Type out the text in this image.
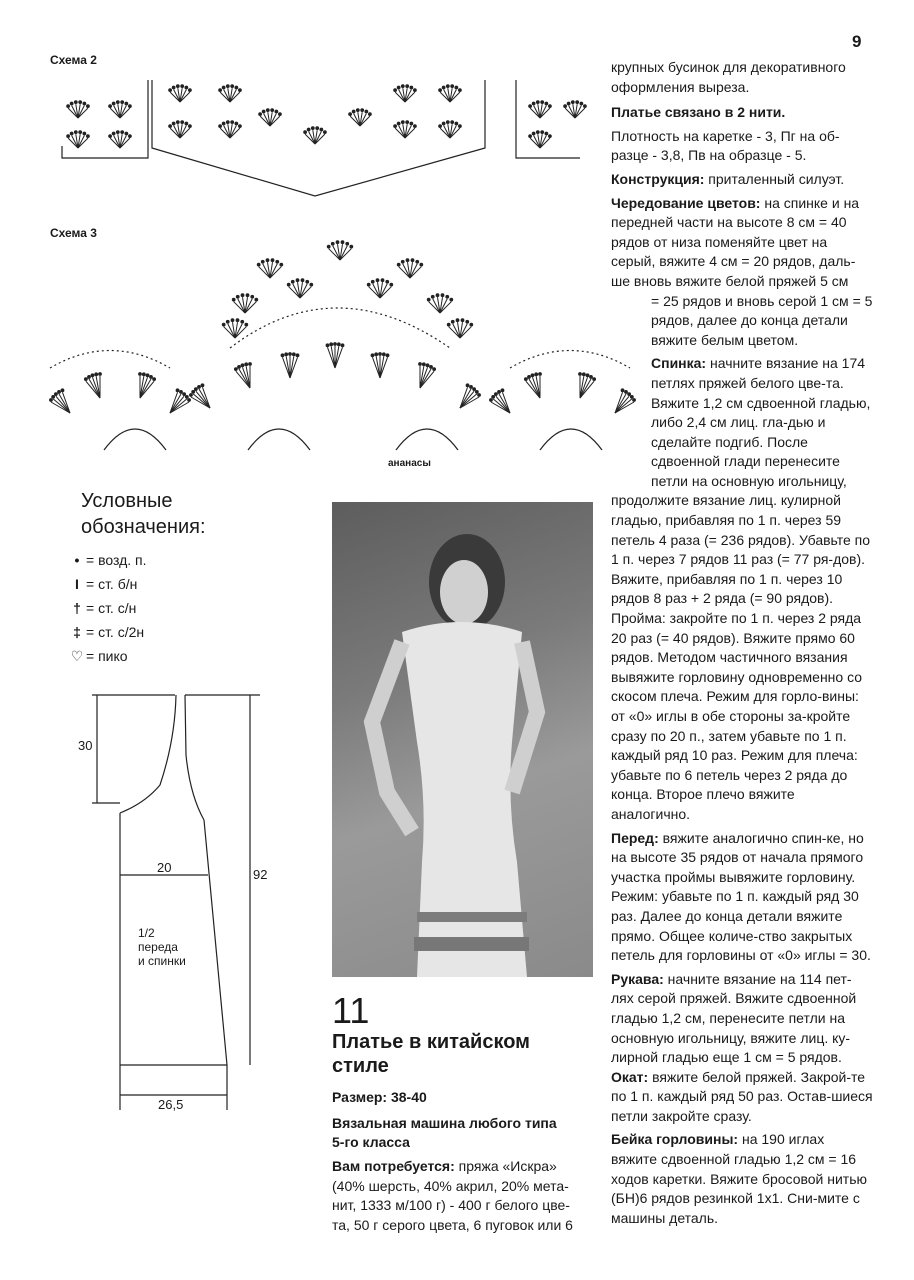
9
Схема 2
Схема 3
ананасы
Условные
обозначения:
• = возд. п.
I = ст. б/н
† = ст. с/н
‡ = ст. с/2н
♡ = пико
30
20	92
1/2
переда
и спинки
26,5
11
Платье в китайском
стиле
Размер: 38-40
Вязальная машина любого типа
5-го класса
Вам потребуется: пряжа «Искра»
(40% шерсть, 40% акрил, 20% мета-
нит, 1333 м/100 г) - 400 г белого цве-
та, 50 г серого цвета, 6 пуговок или 6

крупных бусинок для декоративного
оформления выреза.

Платье связано в 2 нити.

Плотность на каретке - 3, Пг на об-разце - 3,8, Пв на образце - 5.

Конструкция: приталенный силуэт.

Чередование цветов: на спинке и на передней части на высоте 8 см = 40 рядов от низа поменяйте цвет на серый, вяжите 4 см = 20 рядов, даль-ше вновь вяжите белой пряжей 5 см

= 25 рядов и вновь серой 1 см = 5 рядов, далее до конца детали вяжите белым цветом.

Спинка: начните вязание на 174 петлях пряжей белого цве-та. Вяжите 1,2 см сдвоенной гладью, либо 2,4 см лиц. гла-дью и сделайте подгиб. После сдвоенной глади перенесите петли на основную игольницу,

продолжите вязание лиц. кулирной гладью, прибавляя по 1 п. через 59 петель 4 раза (= 236 рядов). Убавьте по 1 п. через 7 рядов 11 раз (= 77 ря-дов). Вяжите, прибавляя по 1 п. через 10 рядов 8 раз + 2 ряда (= 90 рядов). Пройма: закройте по 1 п. через 2 ряда 20 раз (= 40 рядов). Вяжите прямо 60 рядов. Методом частичного вязания вывяжите горловину одновременно со скосом плеча. Режим для горло-вины: от «0» иглы в обе стороны за-кройте сразу по 20 п., затем убавьте по 1 п. каждый ряд 10 раз. Режим для плеча: убавьте по 6 петель через 2 ряда до конца. Второе плечо вяжите аналогично.

Перед: вяжите аналогично спин-ке, но на высоте 35 рядов от начала прямого участка проймы вывяжите горловину. Режим: убавьте по 1 п. каждый ряд 30 раз. Далее до конца детали вяжите прямо. Общее количе-ство закрытых петель для горловины от «0» иглы = 30.

Рукава: начните вязание на 114 пет-лях серой пряжей. Вяжите сдвоенной гладью 1,2 см, перенесите петли на основную игольницу, вяжите лиц. ку-лирной гладью еще 1 см = 5 рядов.

Окат: вяжите белой пряжей. Закрой-те по 1 п. каждый ряд 50 раз. Остав-шиеся петли закройте сразу.

Бейка горловины: на 190 иглах вяжите сдвоенной гладью 1,2 см = 16 ходов каретки. Вяжите бросовой нитью (БН)6 рядов резинкой 1х1. Сни-мите с машины деталь.
